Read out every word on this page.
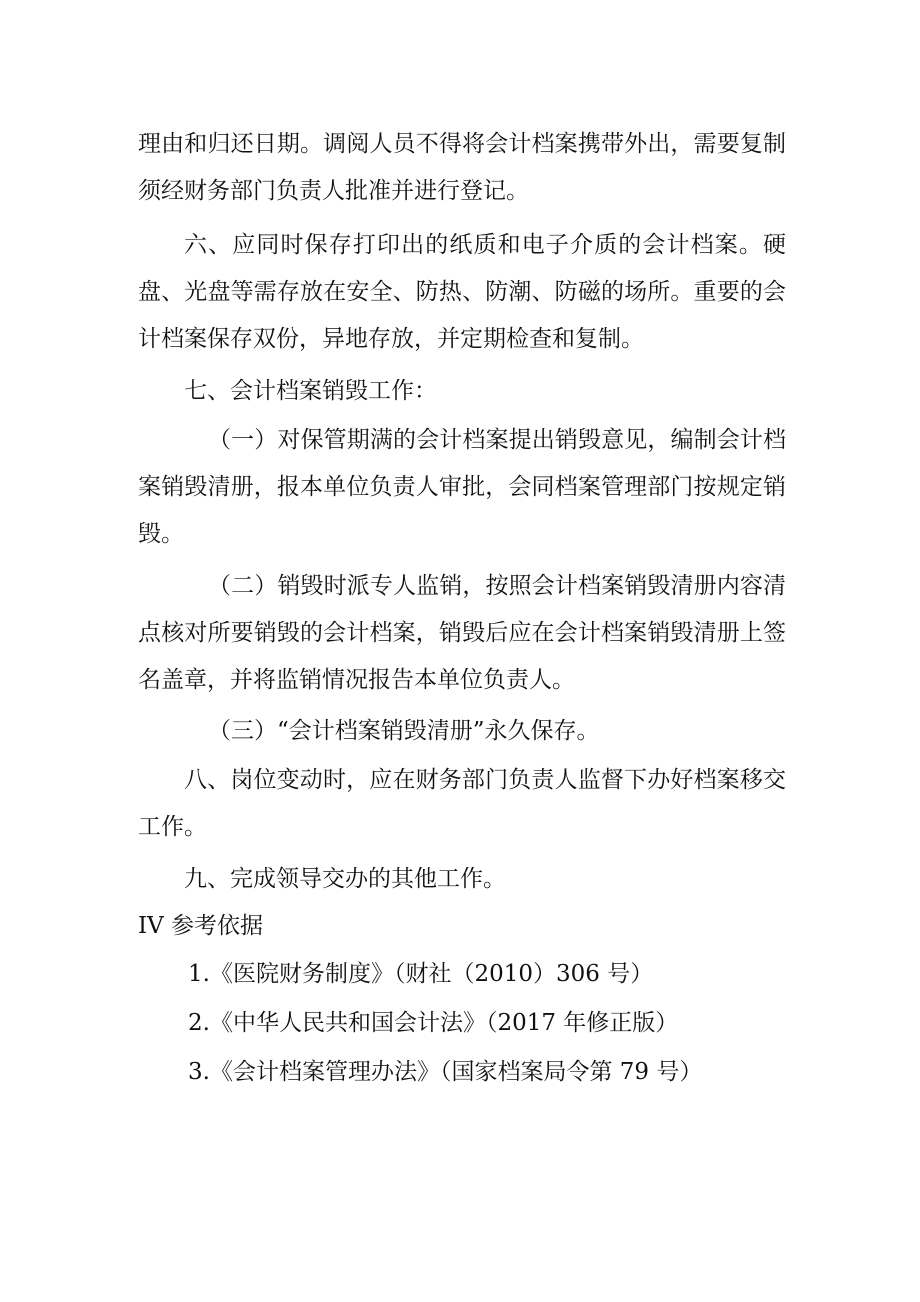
理由和归还日期。调阅人员不得将会计档案携带外出，需要复制须经财务部门负责人批准并进行登记。

六、应同时保存打印出的纸质和电子介质的会计档案。硬盘、光盘等需存放在安全、防热、防潮、防磁的场所。重要的会计档案保存双份，异地存放，并定期检查和复制。

七、会计档案销毁工作：

（一）对保管期满的会计档案提出销毁意见，编制会计档案销毁清册，报本单位负责人审批，会同档案管理部门按规定销毁。

（二）销毁时派专人监销，按照会计档案销毁清册内容清点核对所要销毁的会计档案，销毁后应在会计档案销毁清册上签名盖章，并将监销情况报告本单位负责人。

（三）“会计档案销毁清册”永久保存。

八、岗位变动时，应在财务部门负责人监督下办好档案移交工作。

九、完成领导交办的其他工作。

IV 参考依据

1.《医院财务制度》（财社（2010）306 号）

2.《中华人民共和国会计法》（2017 年修正版）

3.《会计档案管理办法》（国家档案局令第 79 号）
